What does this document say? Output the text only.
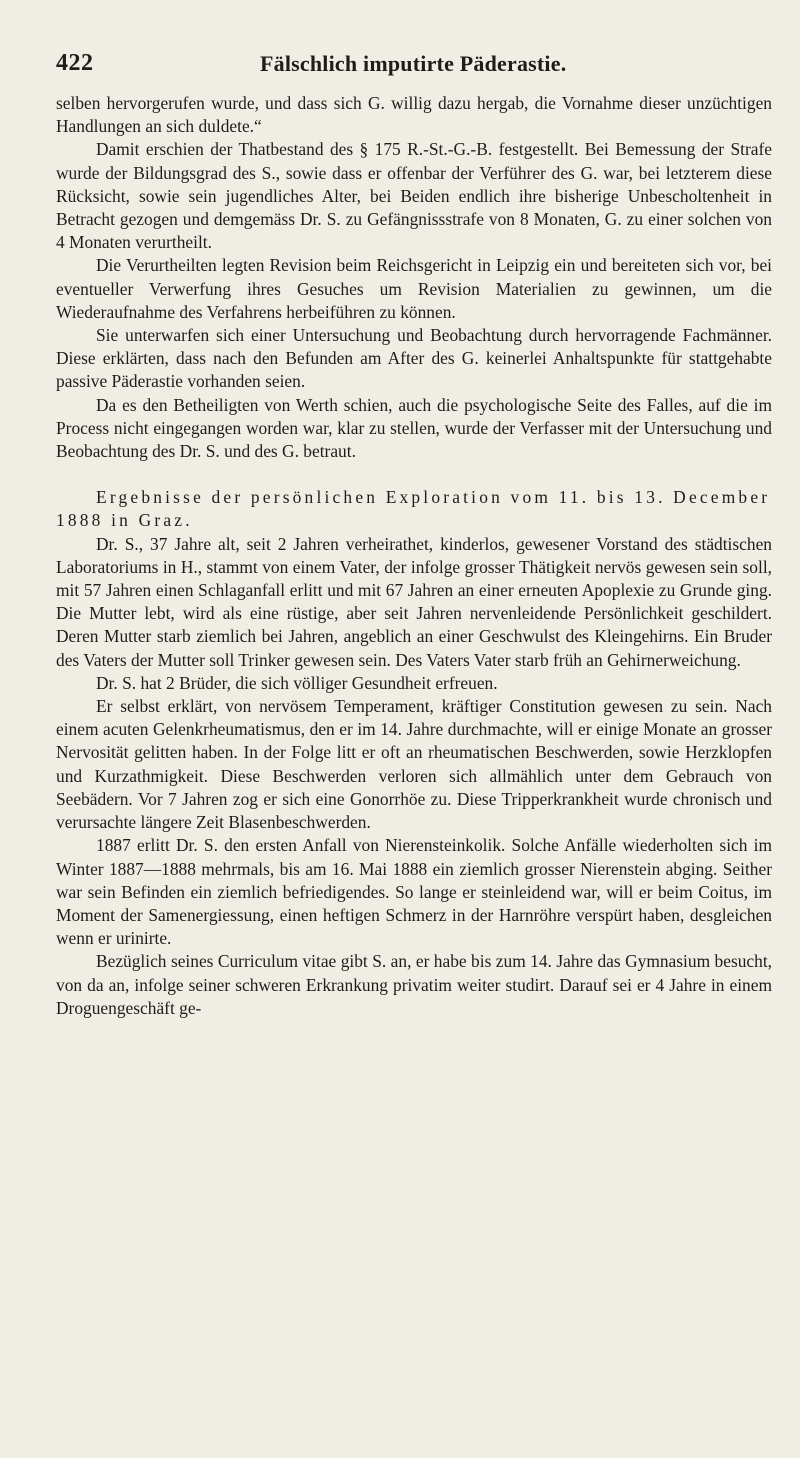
422	Fälschlich imputirte Päderastie.

selben hervorgerufen wurde, und dass sich G. willig dazu hergab, die Vornahme dieser unzüchtigen Handlungen an sich duldete.“

Damit erschien der Thatbestand des § 175 R.-St.-G.-B. festgestellt. Bei Bemessung der Strafe wurde der Bildungsgrad des S., sowie dass er offenbar der Verführer des G. war, bei letzterem diese Rücksicht, sowie sein jugendliches Alter, bei Beiden endlich ihre bisherige Unbescholtenheit in Betracht gezogen und demgemäss Dr. S. zu Gefängnissstrafe von 8 Monaten, G. zu einer solchen von 4 Monaten verurtheilt.

Die Verurtheilten legten Revision beim Reichsgericht in Leipzig ein und bereiteten sich vor, bei eventueller Verwerfung ihres Gesuches um Revision Materialien zu gewinnen, um die Wiederaufnahme des Verfahrens herbeiführen zu können.

Sie unterwarfen sich einer Untersuchung und Beobachtung durch hervorragende Fachmänner. Diese erklärten, dass nach den Befunden am After des G. keinerlei Anhaltspunkte für stattgehabte passive Päderastie vorhanden seien.

Da es den Betheiligten von Werth schien, auch die psychologische Seite des Falles, auf die im Process nicht eingegangen worden war, klar zu stellen, wurde der Verfasser mit der Untersuchung und Beobachtung des Dr. S. und des G. betraut.

Ergebnisse der persönlichen Exploration vom 11. bis 13. December 1888 in Graz.

Dr. S., 37 Jahre alt, seit 2 Jahren verheirathet, kinderlos, gewesener Vorstand des städtischen Laboratoriums in H., stammt von einem Vater, der infolge grosser Thätigkeit nervös gewesen sein soll, mit 57 Jahren einen Schlaganfall erlitt und mit 67 Jahren an einer erneuten Apoplexie zu Grunde ging. Die Mutter lebt, wird als eine rüstige, aber seit Jahren nervenleidende Persönlichkeit geschildert. Deren Mutter starb ziemlich bei Jahren, angeblich an einer Geschwulst des Kleingehirns. Ein Bruder des Vaters der Mutter soll Trinker gewesen sein. Des Vaters Vater starb früh an Gehirnerweichung.

Dr. S. hat 2 Brüder, die sich völliger Gesundheit erfreuen.

Er selbst erklärt, von nervösem Temperament, kräftiger Constitution gewesen zu sein. Nach einem acuten Gelenkrheumatismus, den er im 14. Jahre durchmachte, will er einige Monate an grosser Nervosität gelitten haben. In der Folge litt er oft an rheumatischen Beschwerden, sowie Herzklopfen und Kurzathmigkeit. Diese Beschwerden verloren sich allmählich unter dem Gebrauch von Seebädern. Vor 7 Jahren zog er sich eine Gonorrhöe zu. Diese Tripperkrankheit wurde chronisch und verursachte längere Zeit Blasenbeschwerden.

1887 erlitt Dr. S. den ersten Anfall von Nierensteinkolik. Solche Anfälle wiederholten sich im Winter 1887—1888 mehrmals, bis am 16. Mai 1888 ein ziemlich grosser Nierenstein abging. Seither war sein Befinden ein ziemlich befriedigendes. So lange er steinleidend war, will er beim Coitus, im Moment der Samenergiessung, einen heftigen Schmerz in der Harnröhre verspürt haben, desgleichen wenn er urinirte.

Bezüglich seines Curriculum vitae gibt S. an, er habe bis zum 14. Jahre das Gymnasium besucht, von da an, infolge seiner schweren Erkrankung privatim weiter studirt. Darauf sei er 4 Jahre in einem Droguengeschäft ge-
